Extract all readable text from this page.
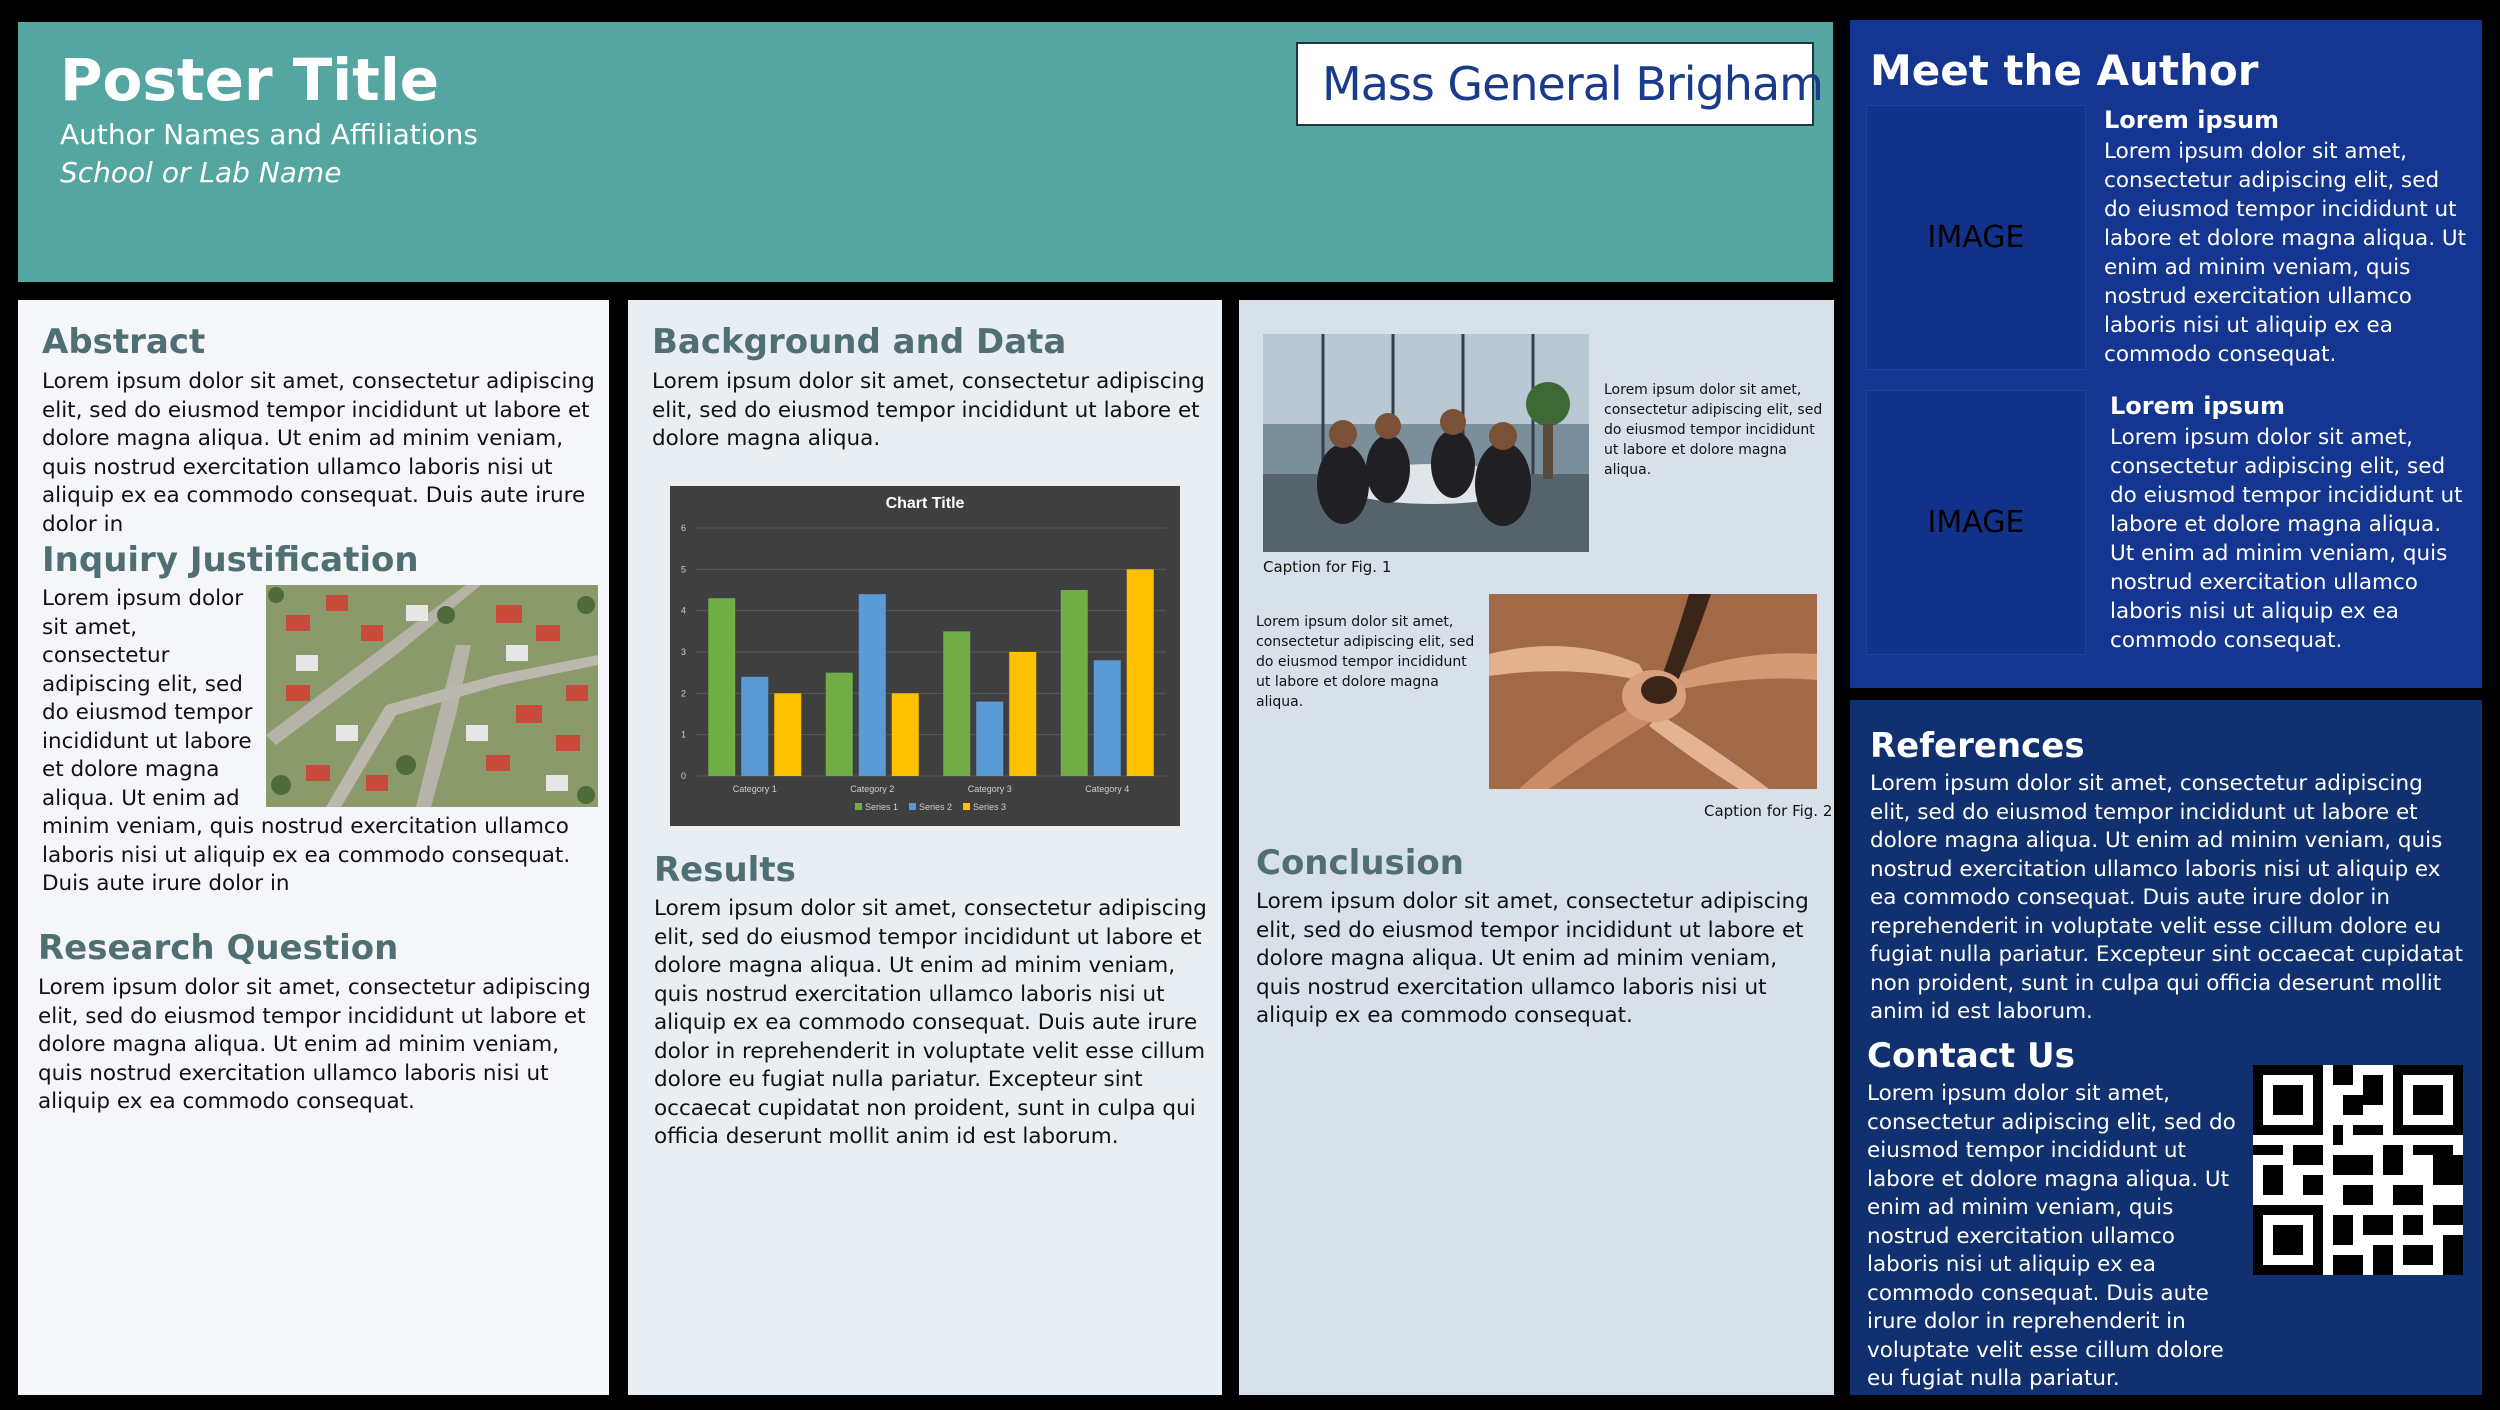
Poster Title
Author Names and Affiliations
School or Lab Name
Mass General Brigham
Abstract
Lorem ipsum dolor sit amet, consectetur adipiscing elit, sed do eiusmod tempor incididunt ut labore et dolore magna aliqua. Ut enim ad minim veniam, quis nostrud exercitation ullamco laboris nisi ut aliquip ex ea commodo consequat. Duis aute irure dolor in
Inquiry Justification
Lorem ipsum dolor sit amet, consectetur adipiscing elit, sed do eiusmod tempor incididunt ut labore et dolore magna aliqua. Ut enim ad minim veniam, quis nostrud exercitation ullamco laboris nisi ut aliquip ex ea commodo consequat. Duis aute irure dolor in
Research Question
Lorem ipsum dolor sit amet, consectetur adipiscing elit, sed do eiusmod tempor incididunt ut labore et dolore magna aliqua. Ut enim ad minim veniam, quis nostrud exercitation ullamco laboris nisi ut aliquip ex ea commodo consequat.
Background and Data
Lorem ipsum dolor sit amet, consectetur adipiscing elit, sed do eiusmod tempor incididunt ut labore et dolore magna aliqua.
Chart Title
0
1
2
3
4
5
6
Category 1	Category 2	Category 3	Category 4
Series 1 Series 2 Series 3
Results
Lorem ipsum dolor sit amet, consectetur adipiscing elit, sed do eiusmod tempor incididunt ut labore et dolore magna aliqua. Ut enim ad minim veniam, quis nostrud exercitation ullamco laboris nisi ut aliquip ex ea commodo consequat. Duis aute irure dolor in reprehenderit in voluptate velit esse cillum dolore eu fugiat nulla pariatur. Excepteur sint occaecat cupidatat non proident, sunt in culpa qui officia deserunt mollit anim id est laborum.
Lorem ipsum dolor sit amet, consectetur adipiscing elit, sed do eiusmod tempor incididunt ut labore et dolore magna aliqua.
Caption for Fig. 1
Lorem ipsum dolor sit amet, consectetur adipiscing elit, sed do eiusmod tempor incididunt ut labore et dolore magna aliqua.
Caption for Fig. 2
Conclusion
Lorem ipsum dolor sit amet, consectetur adipiscing elit, sed do eiusmod tempor incididunt ut labore et dolore magna aliqua. Ut enim ad minim veniam, quis nostrud exercitation ullamco laboris nisi ut aliquip ex ea commodo consequat.
Meet the Author
IMAGE
Lorem ipsum
Lorem ipsum dolor sit amet, consectetur adipiscing elit, sed do eiusmod tempor incididunt ut labore et dolore magna aliqua. Ut enim ad minim veniam, quis nostrud exercitation ullamco laboris nisi ut aliquip ex ea commodo consequat.
IMAGE
Lorem ipsum
Lorem ipsum dolor sit amet, consectetur adipiscing elit, sed do eiusmod tempor incididunt ut labore et dolore magna aliqua. Ut enim ad minim veniam, quis nostrud exercitation ullamco laboris nisi ut aliquip ex ea commodo consequat.
References
Lorem ipsum dolor sit amet, consectetur adipiscing elit, sed do eiusmod tempor incididunt ut labore et dolore magna aliqua. Ut enim ad minim veniam, quis nostrud exercitation ullamco laboris nisi ut aliquip ex ea commodo consequat. Duis aute irure dolor in reprehenderit in voluptate velit esse cillum dolore eu fugiat nulla pariatur. Excepteur sint occaecat cupidatat non proident, sunt in culpa qui officia deserunt mollit anim id est laborum.
Contact Us
Lorem ipsum dolor sit amet, consectetur adipiscing elit, sed do eiusmod tempor incididunt ut labore et dolore magna aliqua. Ut enim ad minim veniam, quis nostrud exercitation ullamco laboris nisi ut aliquip ex ea commodo consequat. Duis aute irure dolor in reprehenderit in voluptate velit esse cillum dolore eu fugiat nulla pariatur.
